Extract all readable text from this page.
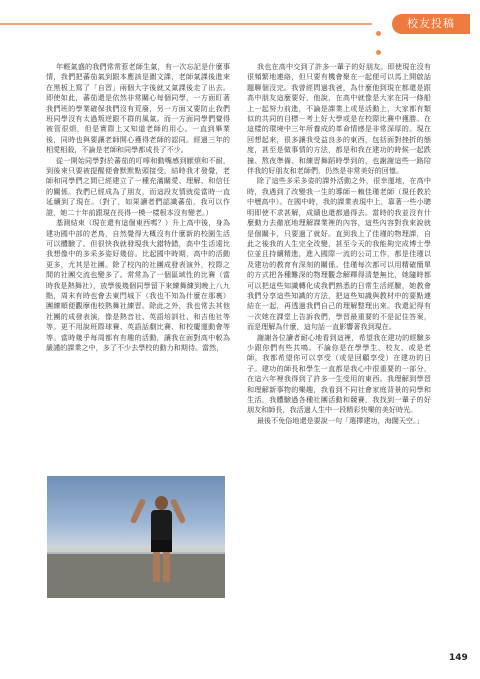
校友投稿

年輕氣盛的我們常常惹老師生氣，有一次忘記是什麼事情，我們把蕃茄氣到跟本應該是圍文課，老師氣課後進來在黑板上寫了「自習」兩個大字後就又氣課後走了出去。即使如此，蕃茄還是依然非常關心每個同學，一方面盯著我們班的學業確保我們沒有荒廢，另一方面又要防止我們班同學沒有太過叛逆跟不群的風氣。而一方面同學們覺得被管很煩，但是實際上又知道老師的用心。一直到畢業後，同時也與要讓老師開心獲得老師的認同。經過三年的相愛相殺，不論是老師和同學都成長了不少。

從一開始同學對於蕃茄的叮嚀和動嘴感到厭煩和不耐，到後來只要被提醒便會默默點頭接受，結時我才發覺，老師和同學們之間已經建立了一種充滿關愛、理解、和信任的關係。我們已經成為了朋友，而這段友情就從當時一直延續到了現在。（對了，如果讀者們認識蕃茄，我可以作證，她二十年前跟現在長得一模一樣根本沒有變老。）

基測結束（現在還有這個東西嗎？）升上高中後，身為建功國中部的老鳥，自然覺得大概沒有什麼新的校園生活可以體驗了。但很快我就發現我大錯特錯，高中生活遠比我想像中的多采多姿好幾倍。比起國中時期，高中的活動更多，尤其是社團。除了校內的社團成發表演外，校際之間的社團交流也變多了。常常為了一個區域性的比賽（當時我是熱舞社），放學後幾個同學留下來練舞練到晚上八九點，周末有時也會去東門城下（我也不知為什麼在那裏）團練順便觀摩他校熱舞社練習。除此之外，我也常去其他社團的成發表演，像是熱音社、英語培訓社、和吉他社等等。更不用說班際球賽、英語話劇比賽、和校慶運動會等等。當時幾乎每周都有有趣的活動，讓我在面對高中較為嚴謹的課業之中，多了不少去學校的動力和期待。當然，

我也在高中交到了許多一輩子的好朋友。即使現在沒有很頻繁地連絡，但只要有機會聚在一起便可以馬上開啟話題聊個沒完。我曾經問過我爸，為什麼他到現在都還是跟高中朋友這麼要好，他說，在高中就像是大家在同一條船上一起努力前進，不論是課業上或是活動上，大家都有類似的共同的目標－考上好大學或是在校際比賽中獲勝。在這樣的環境中三年所養成的革命情感是非常深厚的。現在回想起來，很多讓我受益良多的東西，包括面對挫折的態度，甚至是做事情的方法，都是和我在建功的時候一起跌撞、熬夜準備、和練習舞蹈時學到的，也謝謝這些一路陪伴我的好朋友和老師們，仍然是非常美好的回憶。

除了這些多采多姿的課外活動之外，很幸運地，在高中時，我遇到了改變我一生的導師－賴佳瑾老師（現任教於中壢高中）。在國中時，我的課業表現中上，靠著一些小聰明即使不求甚解，成績也還都過得去。當時的我並沒有什麼動力去徹底地理解課業裡的內容，這些內容對我來說就是個關卡，只要過了就好。直到我上了佳瑾的物理課，自此之後我的人生完全改變，甚至今天的我能夠完成博士學位並且持續精進，進入國際一流的公司工作，都是佳瑾以及建功的教育有深刻的關係。佳瑾每次都可以用精確簡單的方式把各種難深的物理觀念解釋得清楚無比，她隨時都可以把這些知識轉化成我們熟悉的日常生活經驗，她教會我們分享這些知識的方法，把這些知識與教材中的要點連結在一起，再透過我們自己的理解整理出來。我還記得有一次她在課堂上告訴我們，學習最重要的不是記住答案，而是理解為什麼，這句話一直影響著我到現在。

謝謝各位讀者耐心地看到這裡，希望我在建功的經驗多少跟你們有些共鳴。不論你是在學學生、校友、或是老師，我都希望你可以享受（或是回顧享受）在建功的日子。建功的師長和學生一直都是我心中很重要的一部分，在這六年裡我得到了許多一生受用的東西。我理解到學習和理解新事物的樂趣，我看到不同社會家庭背景的同學和生活，我體驗過各種社團活動和競賽，我找到一輩子的好朋友和師長，我活過人生中一段精彩快樂的美好時光。

最後不免俗地還是要說一句「選擇建功，海闊天空。」

149
